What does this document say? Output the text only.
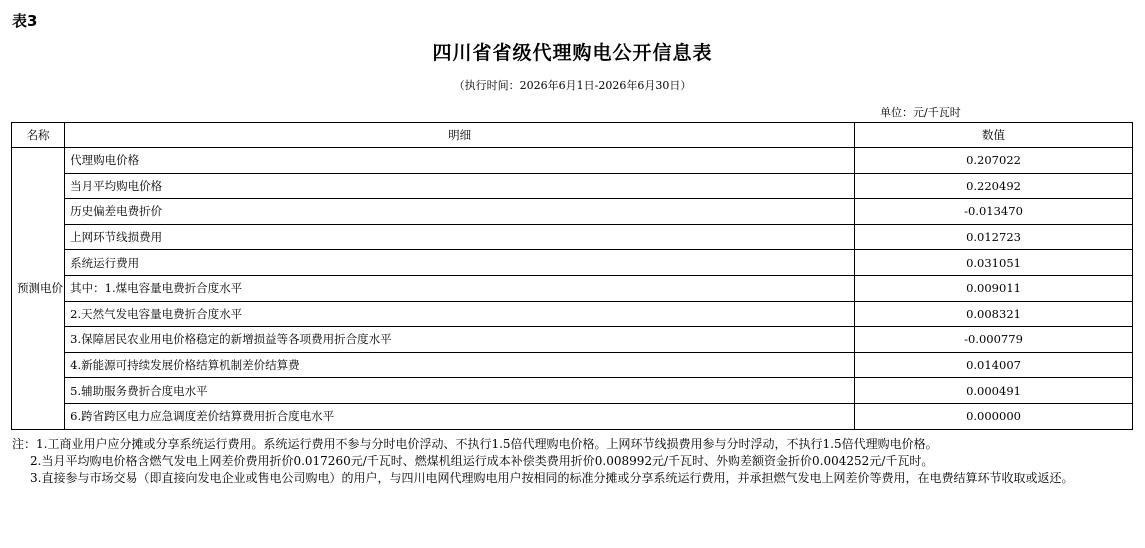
表3
四川省省级代理购电公开信息表
（执行时间：2026年6月1日-2026年6月30日）
单位：元/千瓦时
名称	明细	数值
预测电价	代理购电价格	0.207022
	当月平均购电价格	0.220492
	历史偏差电费折价	-0.013470
	上网环节线损费用	0.012723
	系统运行费用	0.031051
	其中：1.煤电容量电费折合度水平	0.009011
	2.天然气发电容量电费折合度水平	0.008321
	3.保障居民农业用电价格稳定的新增损益等各项费用折合度水平	-0.000779
	4.新能源可持续发展价格结算机制差价结算费	0.014007
	5.辅助服务费折合度电水平	0.000491
	6.跨省跨区电力应急调度差价结算费用折合度电水平	0.000000

注：1.工商业用户应分摊或分享系统运行费用。系统运行费用不参与分时电价浮动、不执行1.5倍代理购电价格。上网环节线损费用参与分时浮动，不执行1.5倍代理购电价格。

2.当月平均购电价格含燃气发电上网差价费用折价0.017260元/千瓦时、燃煤机组运行成本补偿类费用折价0.008992元/千瓦时、外购差额资金折价0.004252元/千瓦时。

3.直接参与市场交易（即直接向发电企业或售电公司购电）的用户，与四川电网代理购电用户按相同的标准分摊或分享系统运行费用，并承担燃气发电上网差价等费用，在电费结算环节收取或返还。
